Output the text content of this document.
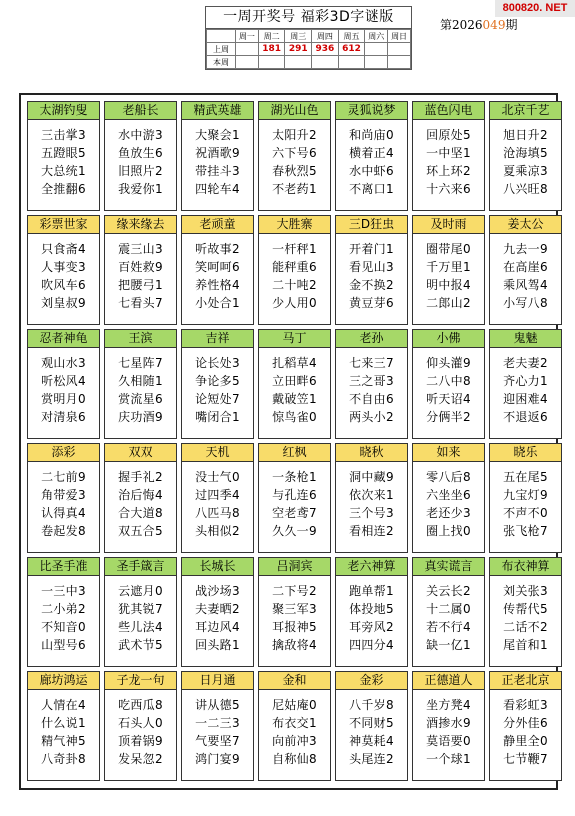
800820. NET
一周开奖号 福彩3D字谜版
	周一	周二	周三	周四	周五	周六	周日
上周		181	291	936	612		
本周							
第2026049期
太湖钓叟
三击掌3
五蹬眼5
大总统1
全推翻6
老船长
水中游3
鱼放生6
旧照片2
我爱你1
精武英雄
大聚会1
祝酒歌9
带挂斗3
四轮车4
湖光山色
太阳升2
六下号6
春秋烈5
不老药1
灵狐说梦
和尚庙0
横着正4
水中虾6
不离口1
蓝色闪电
回原处5
一中坚1
环上环2
十六来6
北京千艺
旭日升2
沧海填5
夏乘凉3
八兴旺8
彩票世家
只食斋4
人事变3
吹风车6
刘皇叔9
缘来缘去
震三山3
百姓救9
把腰弓1
七看头7
老顽童
听故事2
笑呵呵6
养性格4
小处合1
大胜寨
一杆秤1
能秤重6
二十吨2
少人用0
三D狂虫
开着门1
看见山3
金不换2
黄豆芽6
及时雨
圈带尾0
千万里1
明中报4
二郎山2
姜太公
九去一9
在高崖6
乘风驾4
小写八8
忍者神龟
观山水3
听松风4
赏明月0
对清泉6
王滨
七星阵7
久相随1
赏流星6
庆功酒9
吉祥
论长处3
争论多5
论短处7
嘴闭合1
马丁
扎稻草4
立田畔6
戴破笠1
惊鸟雀0
老孙
七来三7
三之哥3
不自由6
两头小2
小佛
仰头灌9
二八中8
听天诏4
分俩半2
鬼魅
老夫妻2
齐心力1
迎困难4
不退返6
添彩
二七前9
角带爱3
认得真4
卷起发8
双双
握手礼2
治后悔4
合大道8
双五合5
天机
没士气0
过四季4
八匹马8
头相似2
红枫
一条枪1
与孔连6
空老鸢7
久久一9
晓秋
洞中藏9
依次来1
三个号3
看相连2
如来
零八后8
六坐坐6
老还少3
圈上找0
晓乐
五在尾5
九宝灯9
不声不0
张飞枪7
比圣手准
一三中3
二小弟2
不知音0
山型号6
圣手箴言
云遮月0
犹其锐7
些儿法4
武术节5
长城长
战沙场3
夫妻晒2
耳边风4
回头路1
吕洞宾
二下号2
聚三军3
耳报神5
擒敌将4
老六神算
跑单帮1
体投地5
耳旁风2
四四分4
真实谎言
关云长2
十二属0
若不行4
缺一亿1
布衣神算
刘关张3
传帮代5
二话不2
尾首和1
廊坊鸿运
人情在4
什么说1
精气神5
八奇卦8
子龙一句
吃西瓜8
石头人0
顶着锅9
发呆忽2
日月通
讲从德5
一二三3
气要坚7
鸿门宴9
金和
尼姑庵0
布衣交1
向前冲3
自称仙8
金彩
八千岁8
不同财5
神莫耗4
头尾连2
正德道人
坐方凳4
酒掺水9
莫语要0
一个球1
正老北京
看彩虹3
分外佳6
静里全0
七节鞭7
